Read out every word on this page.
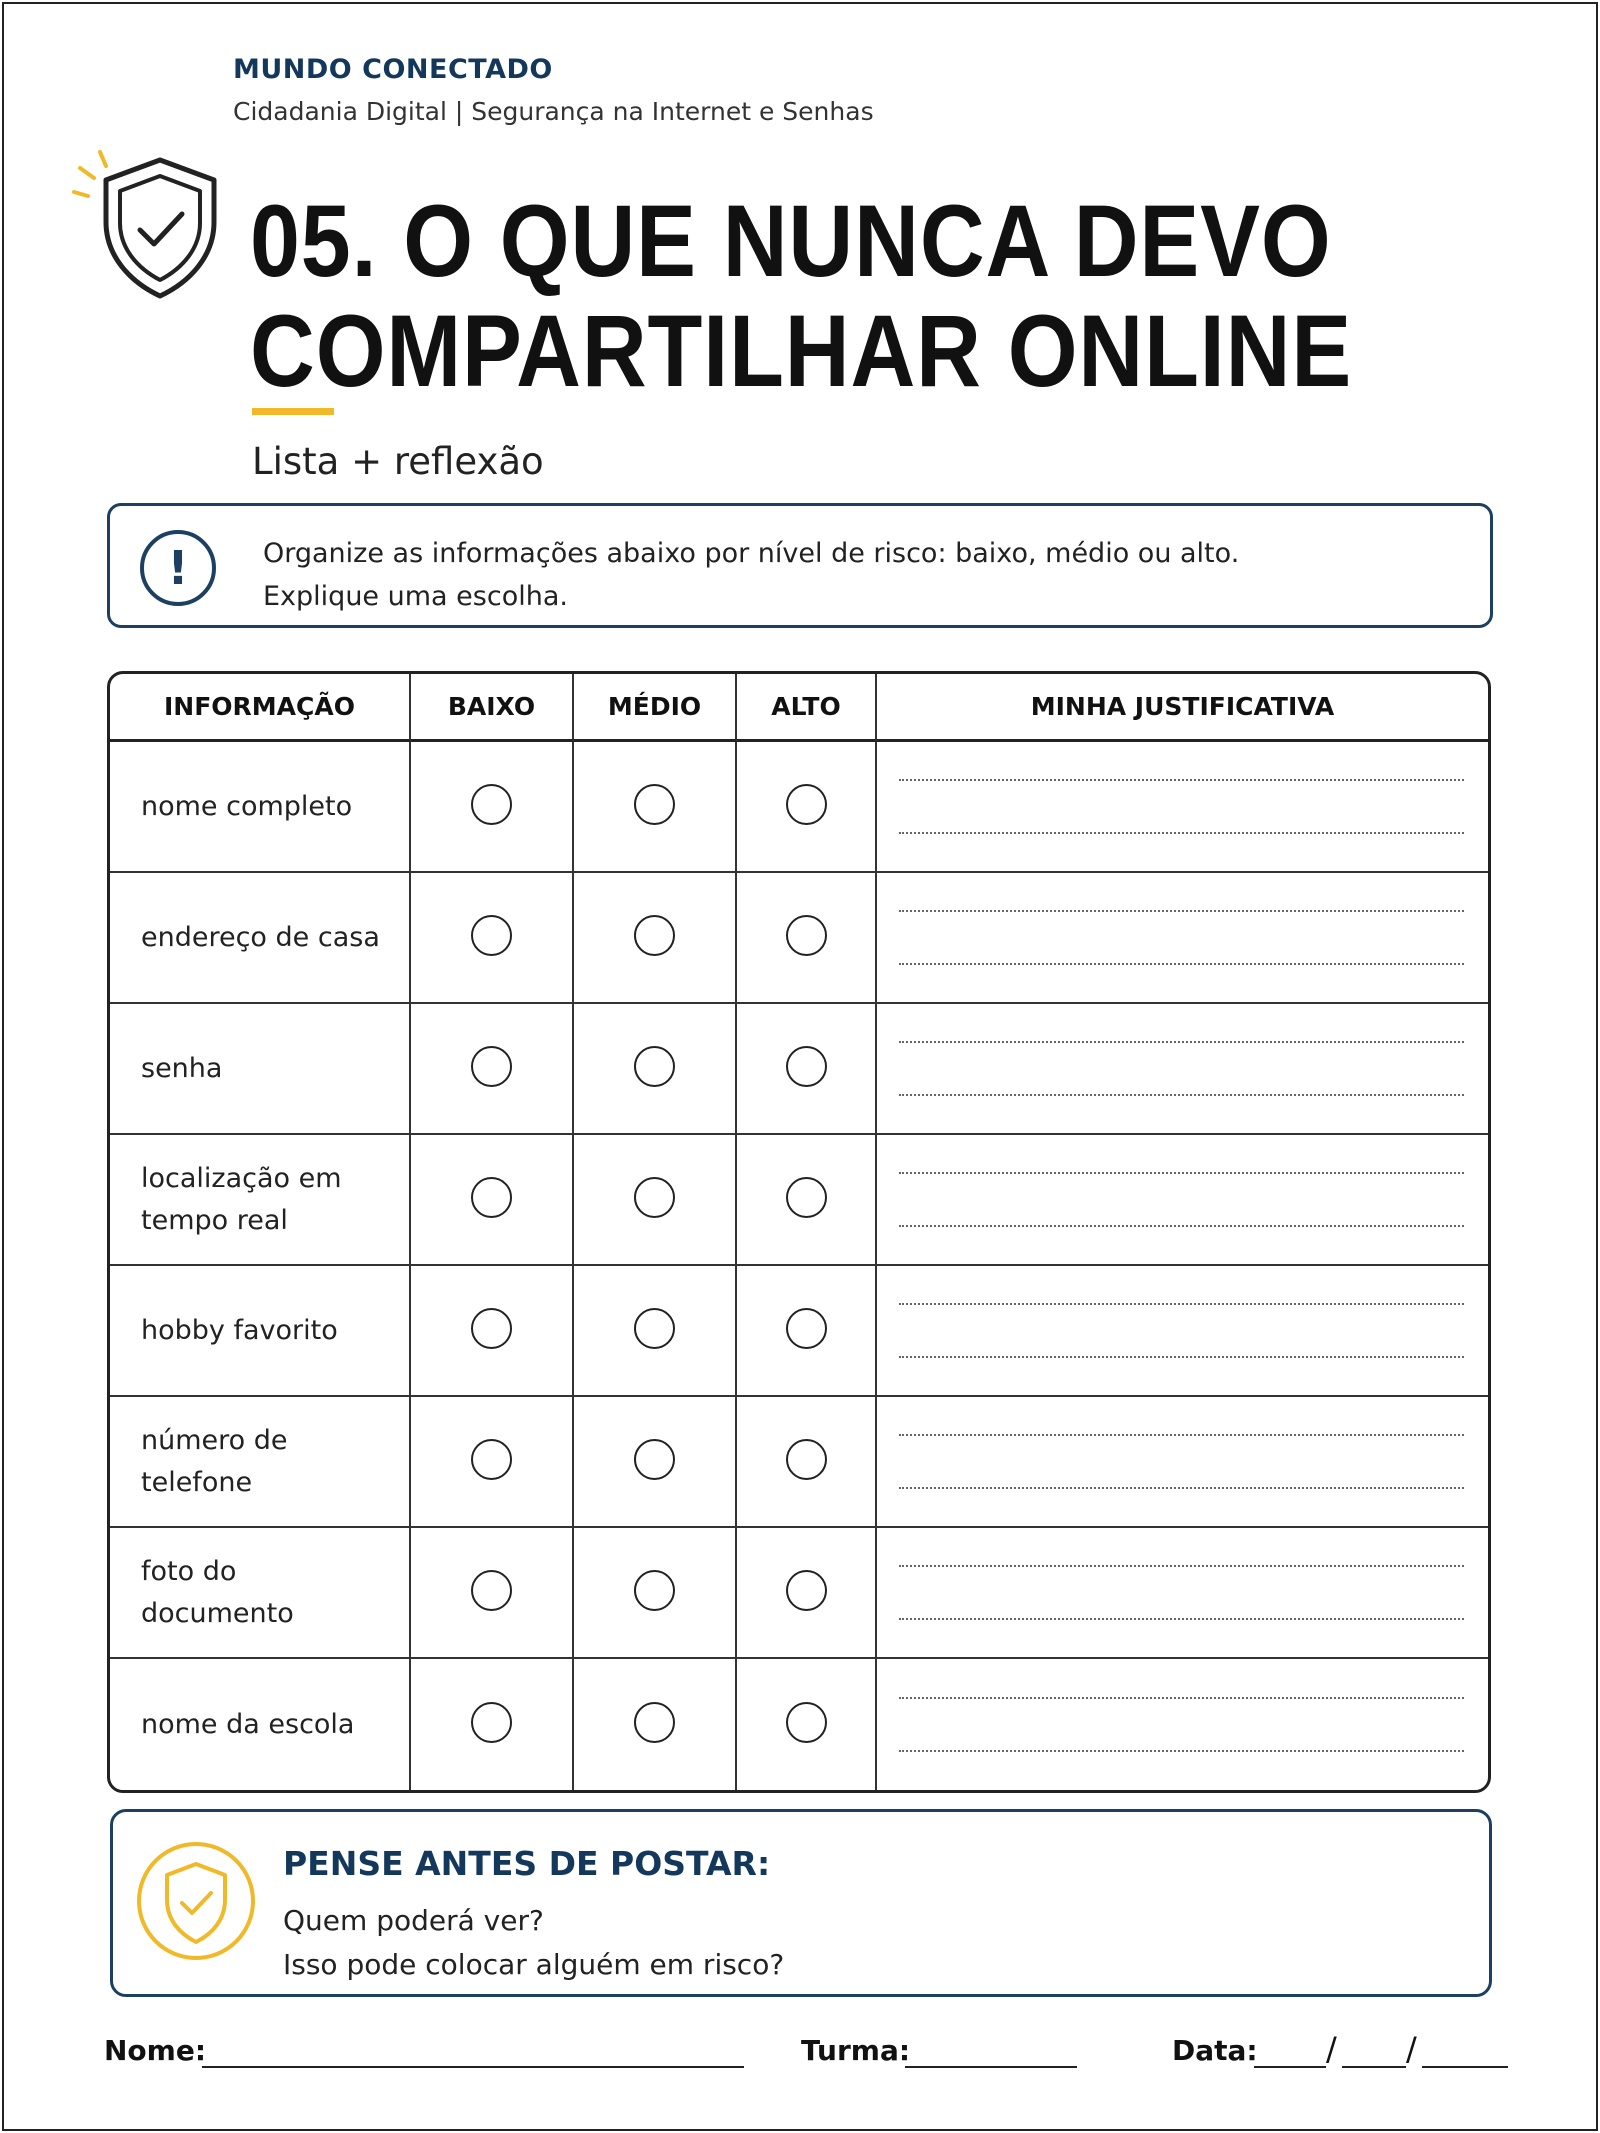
MUNDO CONECTADO
Cidadania Digital | Segurança na Internet e Senhas
05. O QUE NUNCA DEVO
COMPARTILHAR ONLINE
Lista + reflexão
!	Organize as informações abaixo por nível de risco: baixo, médio ou alto.
Explique uma escolha.
INFORMAÇÃO	BAIXO	MÉDIO	ALTO	MINHA JUSTIFICATIVA

nome completo				

endereço de casa				

senha				

localização em
tempo real				

hobby favorito				

número de
telefone				

foto do
documento				

nome da escola				

PENSE ANTES DE POSTAR:
Quem poderá ver?
Isso pode colocar alguém em risco?
Nome:	Turma:	Data: / /
